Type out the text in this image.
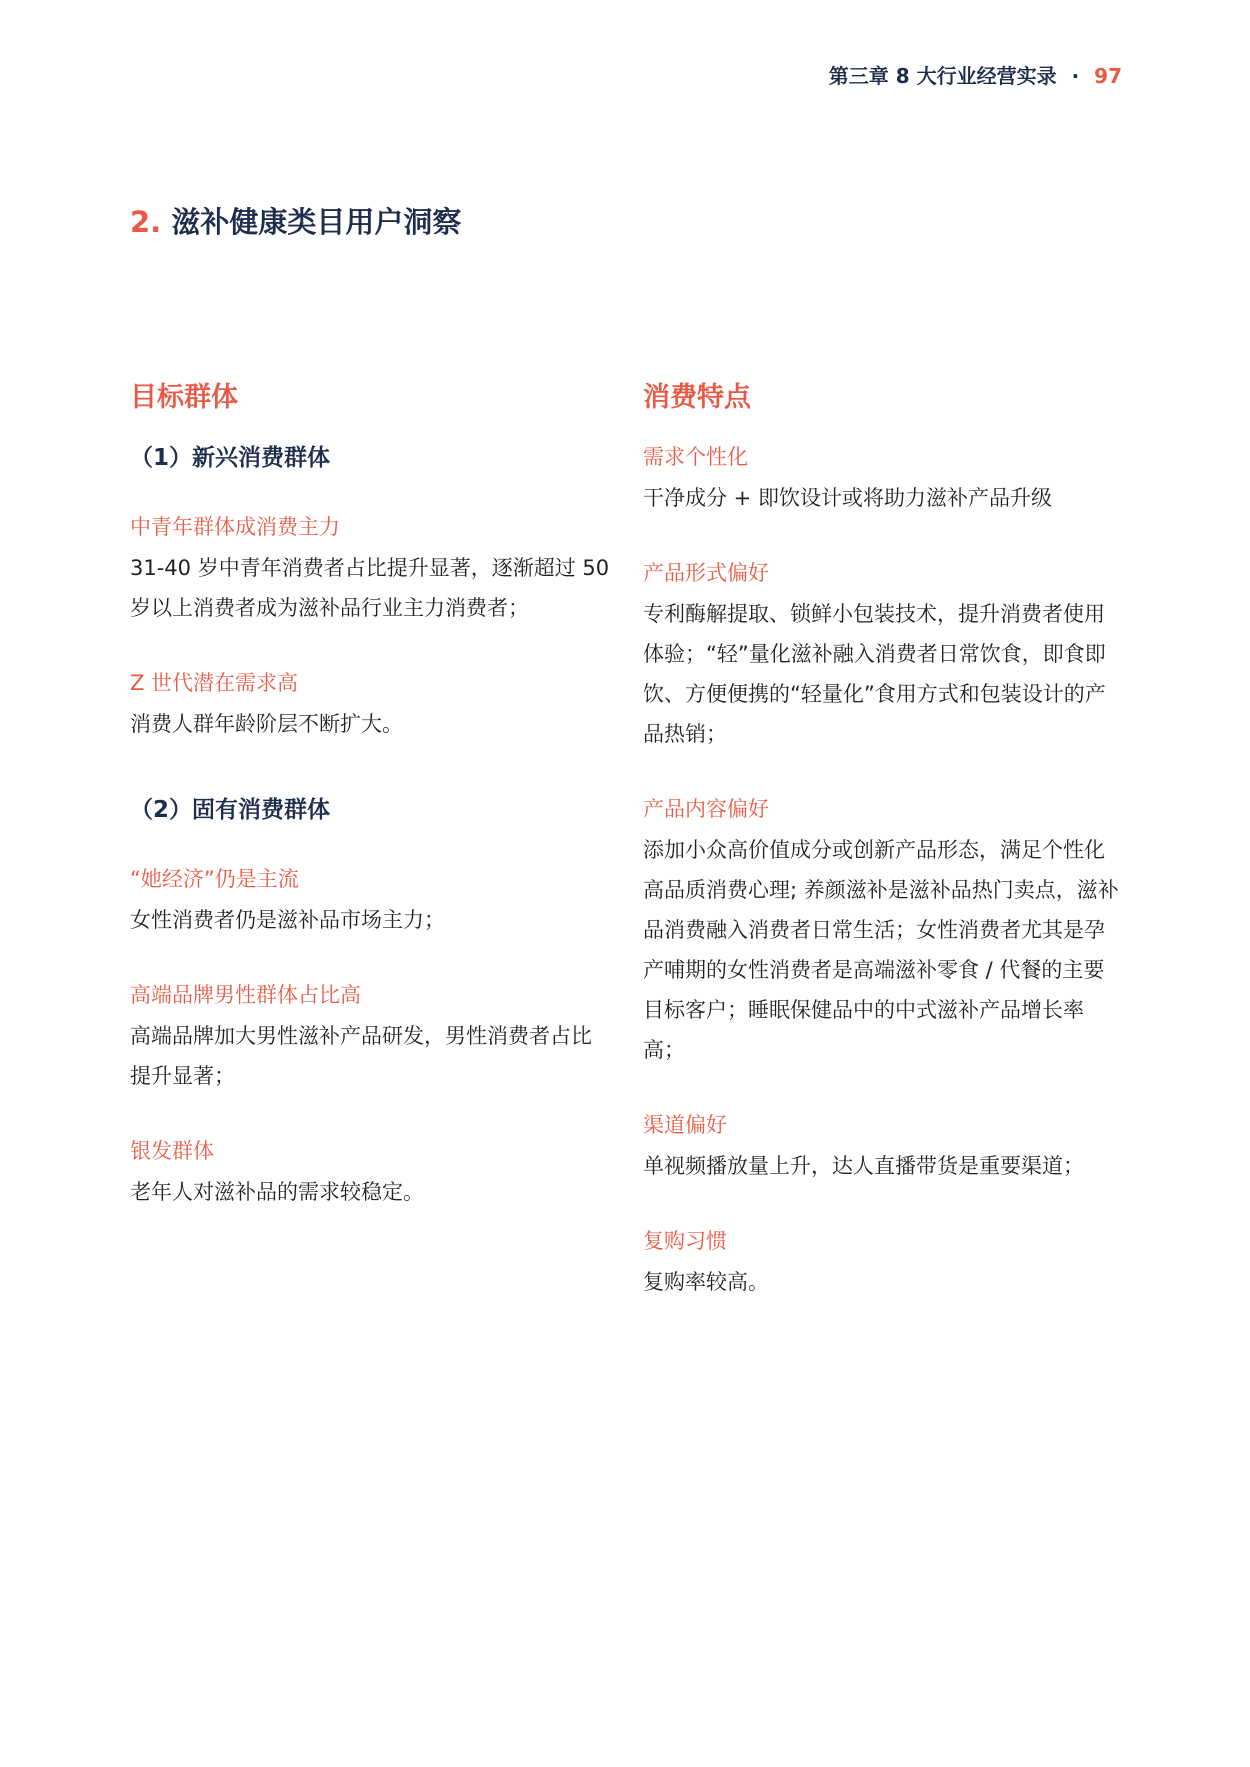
第三章 8 大行业经营实录 · 97
2. 滋补健康类目用户洞察
目标群体
（1）新兴消费群体
中青年群体成消费主力
31-40 岁中青年消费者占比提升显著，逐渐超过 50 岁以上消费者成为滋补品行业主力消费者；
Z 世代潜在需求高
消费人群年龄阶层不断扩大。
（2）固有消费群体
“她经济”仍是主流
女性消费者仍是滋补品市场主力；
高端品牌男性群体占比高
高端品牌加大男性滋补产品研发，男性消费者占比提升显著；
银发群体
老年人对滋补品的需求较稳定。
消费特点
需求个性化
干净成分 + 即饮设计或将助力滋补产品升级
产品形式偏好
专利酶解提取、锁鲜小包装技术，提升消费者使用体验；“轻”量化滋补融入消费者日常饮食，即食即饮、方便便携的“轻量化”食用方式和包装设计的产品热销；
产品内容偏好
添加小众高价值成分或创新产品形态，满足个性化高品质消费心理; 养颜滋补是滋补品热门卖点，滋补品消费融入消费者日常生活；女性消费者尤其是孕产哺期的女性消费者是高端滋补零食 / 代餐的主要目标客户；睡眠保健品中的中式滋补产品增长率高；
渠道偏好
单视频播放量上升，达人直播带货是重要渠道；
复购习惯
复购率较高。
